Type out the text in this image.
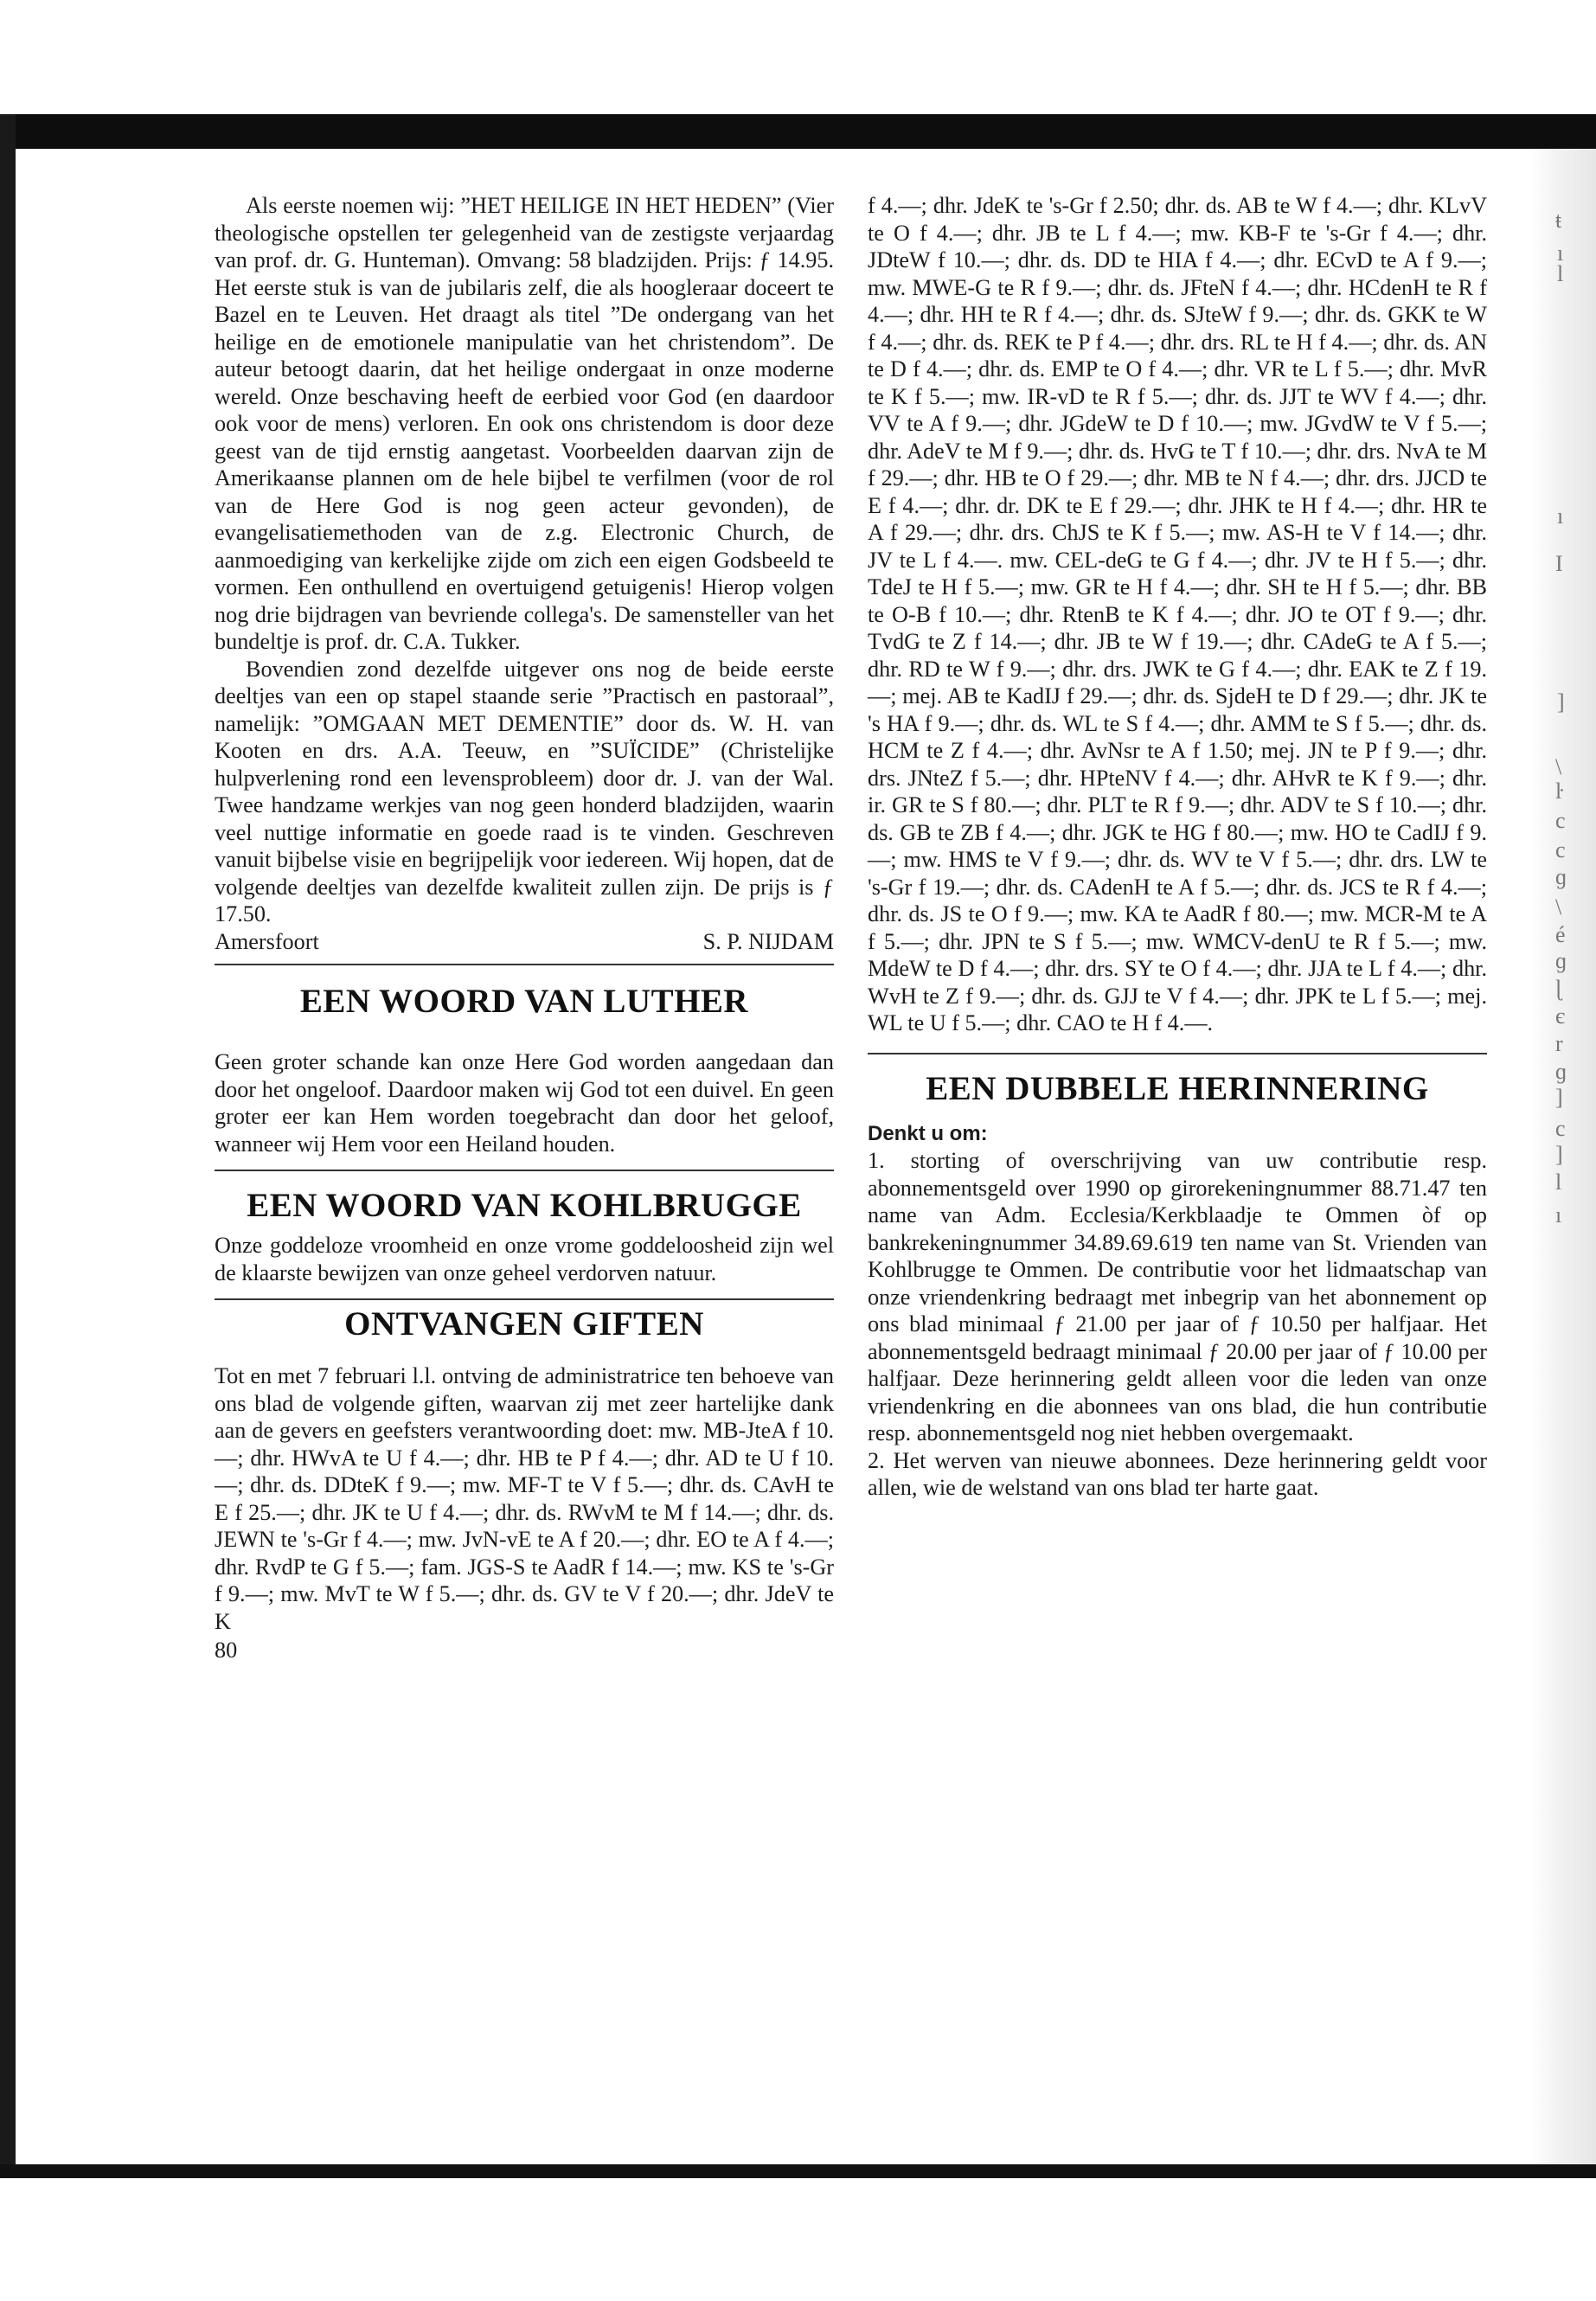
ŧ
ı
l
ı
I
]
\
ŀ
c
c
ɡ
\
é
ɡ
ɭ
є
r
ɡ
]
c
]
l
ı

Als eerste noemen wij: ”HET HEILIGE IN HET HEDEN” (Vier theologische opstellen ter gelegenheid van de zestigste verjaardag van prof. dr. G. Hunteman). Omvang: 58 bladzijden. Prijs: ƒ 14.95. Het eerste stuk is van de jubilaris zelf, die als hoogleraar doceert te Bazel en te Leuven. Het draagt als titel ”De ondergang van het heilige en de emotionele manipulatie van het christendom”. De auteur betoogt daarin, dat het heilige ondergaat in onze moderne wereld. Onze beschaving heeft de eerbied voor God (en daardoor ook voor de mens) verloren. En ook ons christendom is door deze geest van de tijd ernstig aangetast. Voorbeelden daarvan zijn de Amerikaanse plannen om de hele bijbel te verfilmen (voor de rol van de Here God is nog geen acteur gevonden), de evangelisatiemethoden van de z.g. Electronic Church, de aanmoediging van kerkelijke zijde om zich een eigen Godsbeeld te vormen. Een onthullend en overtuigend getuigenis! Hierop volgen nog drie bijdragen van bevriende collega's. De samensteller van het bundeltje is prof. dr. C.A. Tukker.

Bovendien zond dezelfde uitgever ons nog de beide eerste deeltjes van een op stapel staande serie ”Practisch en pastoraal”, namelijk: ”OMGAAN MET DEMENTIE” door ds. W. H. van Kooten en drs. A.A. Teeuw, en ”SUÏCIDE” (Christelijke hulpverlening rond een levensprobleem) door dr. J. van der Wal. Twee handzame werkjes van nog geen honderd bladzijden, waarin veel nuttige informatie en goede raad is te vinden. Geschreven vanuit bijbelse visie en begrijpelijk voor iedereen. Wij hopen, dat de volgende deeltjes van dezelfde kwaliteit zullen zijn. De prijs is ƒ 17.50.

Amersfoort	S. P. NIJDAM
EEN WOORD VAN LUTHER

Geen groter schande kan onze Here God worden aangedaan dan door het ongeloof. Daardoor maken wij God tot een duivel. En geen groter eer kan Hem worden toegebracht dan door het geloof, wanneer wij Hem voor een Heiland houden.

EEN WOORD VAN KOHLBRUGGE

Onze goddeloze vroomheid en onze vrome goddeloosheid zijn wel de klaarste bewijzen van onze geheel verdorven natuur.

ONTVANGEN GIFTEN

Tot en met 7 februari l.l. ontving de administratrice ten behoeve van ons blad de volgende giften, waarvan zij met zeer hartelijke dank aan de gevers en geefsters verantwoording doet: mw. MB-JteA f 10.—; dhr. HWvA te U f 4.—; dhr. HB te P f 4.—; dhr. AD te U f 10.—; dhr. ds. DDteK f 9.—; mw. MF-T te V f 5.—; dhr. ds. CAvH te E f 25.—; dhr. JK te U f 4.—; dhr. ds. RWvM te M f 14.—; dhr. ds. JEWN te 's-Gr f 4.—; mw. JvN-vE te A f 20.—; dhr. EO te A f 4.—; dhr. RvdP te G f 5.—; fam. JGS-S te AadR f 14.—; mw. KS te 's-Gr f 9.—; mw. MvT te W f 5.—; dhr. ds. GV te V f 20.—; dhr. JdeV te K

80

f 4.—; dhr. JdeK te 's-Gr f 2.50; dhr. ds. AB te W f 4.—; dhr. KLvV te O f 4.—; dhr. JB te L f 4.—; mw. KB-F te 's-Gr f 4.—; dhr. JDteW f 10.—; dhr. ds. DD te HIA f 4.—; dhr. ECvD te A f 9.—; mw. MWE-G te R f 9.—; dhr. ds. JFteN f 4.—; dhr. HCdenH te R f 4.—; dhr. HH te R f 4.—; dhr. ds. SJteW f 9.—; dhr. ds. GKK te W f 4.—; dhr. ds. REK te P f 4.—; dhr. drs. RL te H f 4.—; dhr. ds. AN te D f 4.—; dhr. ds. EMP te O f 4.—; dhr. VR te L f 5.—; dhr. MvR te K f 5.—; mw. IR-vD te R f 5.—; dhr. ds. JJT te WV f 4.—; dhr. VV te A f 9.—; dhr. JGdeW te D f 10.—; mw. JGvdW te V f 5.—; dhr. AdeV te M f 9.—; dhr. ds. HvG te T f 10.—; dhr. drs. NvA te M f 29.—; dhr. HB te O f 29.—; dhr. MB te N f 4.—; dhr. drs. JJCD te E f 4.—; dhr. dr. DK te E f 29.—; dhr. JHK te H f 4.—; dhr. HR te A f 29.—; dhr. drs. ChJS te K f 5.—; mw. AS-H te V f 14.—; dhr. JV te L f 4.—. mw. CEL-deG te G f 4.—; dhr. JV te H f 5.—; dhr. TdeJ te H f 5.—; mw. GR te H f 4.—; dhr. SH te H f 5.—; dhr. BB te O-B f 10.—; dhr. RtenB te K f 4.—; dhr. JO te OT f 9.—; dhr. TvdG te Z f 14.—; dhr. JB te W f 19.—; dhr. CAdeG te A f 5.—; dhr. RD te W f 9.—; dhr. drs. JWK te G f 4.—; dhr. EAK te Z f 19.—; mej. AB te KadIJ f 29.—; dhr. ds. SjdeH te D f 29.—; dhr. JK te 's HA f 9.—; dhr. ds. WL te S f 4.—; dhr. AMM te S f 5.—; dhr. ds. HCM te Z f 4.—; dhr. AvNsr te A f 1.50; mej. JN te P f 9.—; dhr. drs. JNteZ f 5.—; dhr. HPteNV f 4.—; dhr. AHvR te K f 9.—; dhr. ir. GR te S f 80.—; dhr. PLT te R f 9.—; dhr. ADV te S f 10.—; dhr. ds. GB te ZB f 4.—; dhr. JGK te HG f 80.—; mw. HO te CadIJ f 9.—; mw. HMS te V f 9.—; dhr. ds. WV te V f 5.—; dhr. drs. LW te 's-Gr f 19.—; dhr. ds. CAdenH te A f 5.—; dhr. ds. JCS te R f 4.—; dhr. ds. JS te O f 9.—; mw. KA te AadR f 80.—; mw. MCR-M te A f 5.—; dhr. JPN te S f 5.—; mw. WMCV-denU te R f 5.—; mw. MdeW te D f 4.—; dhr. drs. SY te O f 4.—; dhr. JJA te L f 4.—; dhr. WvH te Z f 9.—; dhr. ds. GJJ te V f 4.—; dhr. JPK te L f 5.—; mej. WL te U f 5.—; dhr. CAO te H f 4.—.

EEN DUBBELE HERINNERING
Denkt u om:

1. storting of overschrijving van uw contributie resp. abonnementsgeld over 1990 op girorekeningnummer 88.71.47 ten name van Adm. Ecclesia/Kerkblaadje te Ommen òf op bankrekeningnummer 34.89.69.619 ten name van St. Vrienden van Kohlbrugge te Ommen. De contributie voor het lidmaatschap van onze vriendenkring bedraagt met inbegrip van het abonnement op ons blad minimaal ƒ 21.00 per jaar of ƒ 10.50 per halfjaar. Het abonnementsgeld bedraagt minimaal ƒ 20.00 per jaar of ƒ 10.00 per halfjaar. Deze herinnering geldt alleen voor die leden van onze vriendenkring en die abonnees van ons blad, die hun contributie resp. abonnementsgeld nog niet hebben overgemaakt.

2. Het werven van nieuwe abonnees. Deze herinnering geldt voor allen, wie de welstand van ons blad ter harte gaat.
